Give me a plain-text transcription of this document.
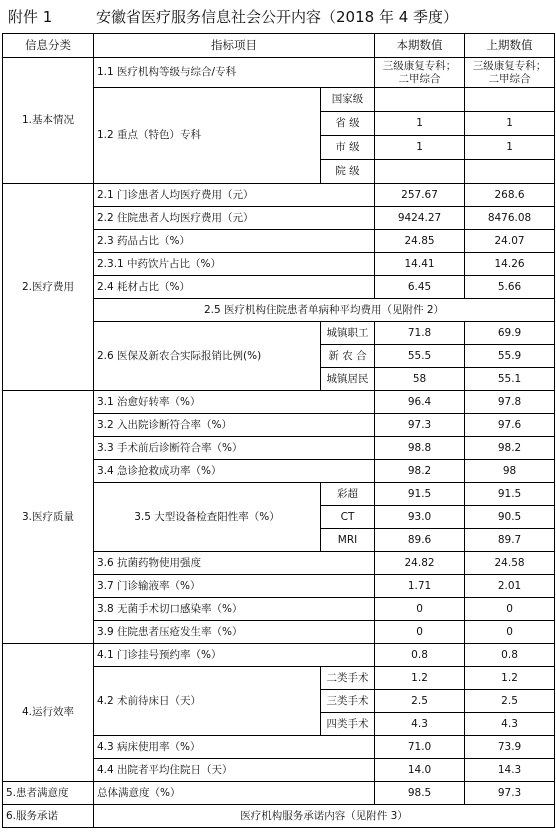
附件 1	安徽省医疗服务信息社会公开内容（2018 年 4 季度）
信息分类	指标项目		本期数值	上期数值
1.基本情况	1.1 医疗机构等级与综合/专科		三级康复专科；二甲综合	三级康复专科；二甲综合
	1.2 重点（特色）专科	国家级		
		省 级	1	1
		市 级	1	1
		院 级		
2.医疗费用	2.1 门诊患者人均医疗费用（元）		257.67	268.6
	2.2 住院患者人均医疗费用（元）		9424.27	8476.08
	2.3 药品占比（%）		24.85	24.07
	2.3.1 中药饮片占比（%）		14.41	14.26
	2.4 耗材占比（%）		6.45	5.66
	2.5 医疗机构住院患者单病种平均费用（见附件 2）			
	2.6 医保及新农合实际报销比例(%)	城镇职工	71.8	69.9
		新 农 合	55.5	55.9
		城镇居民	58	55.1
3.医疗质量	3.1 治愈好转率（%）		96.4	97.8
	3.2 入出院诊断符合率（%）		97.3	97.6
	3.3 手术前后诊断符合率（%）		98.8	98.2
	3.4 急诊抢救成功率（%）		98.2	98
	3.5 大型设备检查阳性率（%）	彩超	91.5	91.5
		CT	93.0	90.5
		MRI	89.6	89.7
	3.6 抗菌药物使用强度		24.82	24.58
	3.7 门诊输液率（%）		1.71	2.01
	3.8 无菌手术切口感染率（%）		0	0
	3.9 住院患者压疮发生率（%）		0	0
4.运行效率	4.1 门诊挂号预约率（%）		0.8	0.8
	4.2 术前待床日（天）	二类手术	1.2	1.2
		三类手术	2.5	2.5
		四类手术	4.3	4.3
	4.3 病床使用率（%）		71.0	73.9
	4.4 出院者平均住院日（天）		14.0	14.3
5.患者满意度	总体满意度（%）		98.5	97.3
6.服务承诺	医疗机构服务承诺内容（见附件 3）			
